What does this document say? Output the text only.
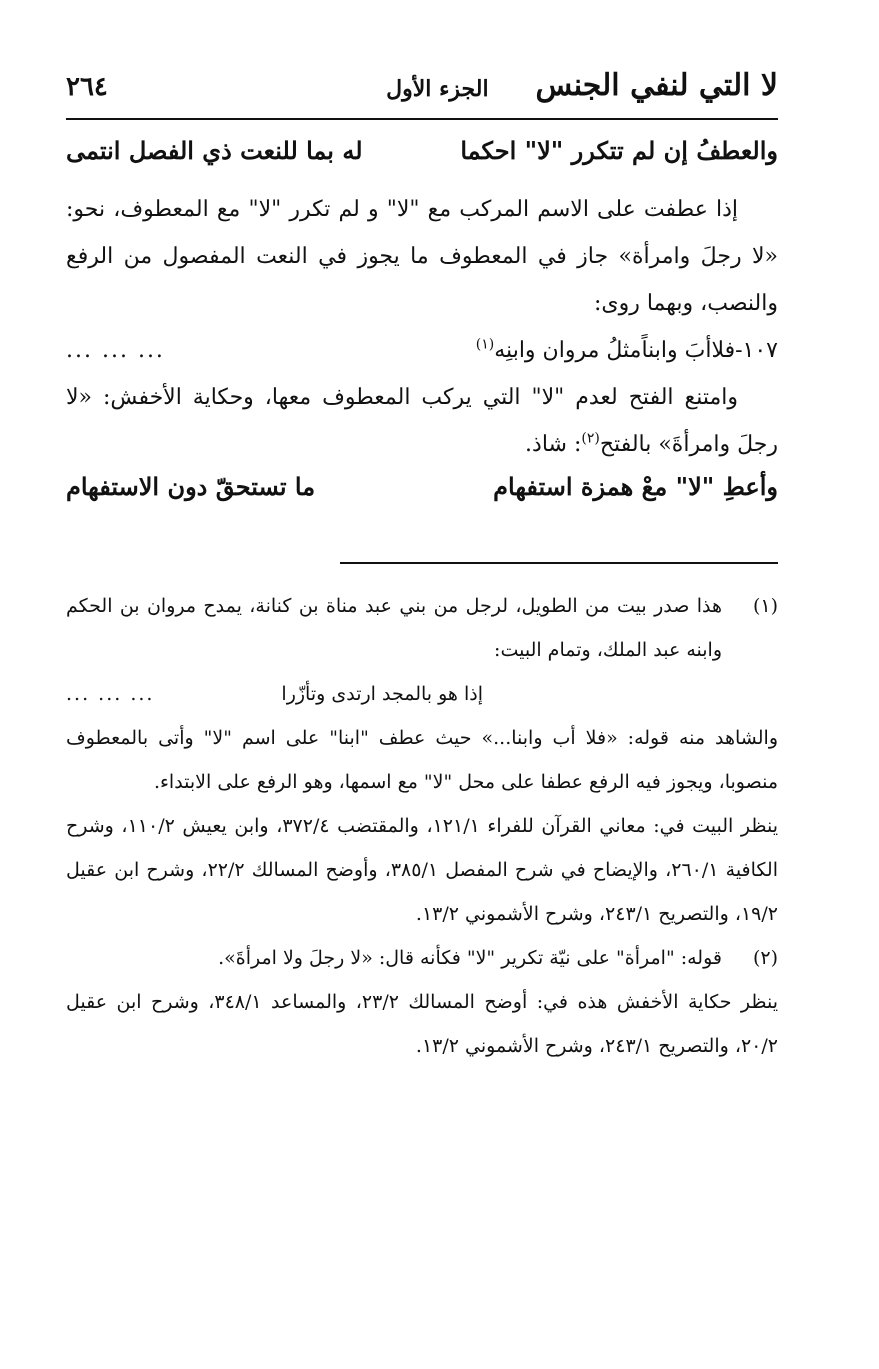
لا التي لنفي الجنس
الجزء الأول
٢٦٤
والعطفُ إن لم تتكرر "لا" احكما
له بما للنعت ذي الفصل انتمى

إذا عطفت على الاسم المركب مع "لا" و لم تكرر "لا" مع المعطوف، نحو: «لا رجلَ وامرأة» جاز في المعطوف ما يجوز في النعت المفصول من الرفع والنصب، وبهما روى:

١٠٧-فلاأبَ وابناًمثلُ مروان وابنِه$^{(١)}$
... ... ...

وامتنع الفتح لعدم "لا" التي يركب المعطوف معها، وحكاية الأخفش: «لا رجلَ وامرأةَ» بالفتح$^{(٢)}$: شاذ.

وأعطِ "لا" معْ همزة استفهام
ما تستحقّ دون الاستفهام
(١)

هذا صدر بيت من الطويل، لرجل من بني عبد مناة بن كنانة، يمدح مروان بن الحكم وابنه عبد الملك، وتمام البيت:

إذا هو بالمجد ارتدى وتأزّرا
... ... ...

والشاهد منه قوله: «فلا أب وابنا...» حيث عطف "ابنا" على اسم "لا" وأتى بالمعطوف منصوبا، ويجوز فيه الرفع عطفا على محل "لا" مع اسمها، وهو الرفع على الابتداء.

ينظر البيت في: معاني القرآن للفراء ١٢١/١، والمقتضب ٣٧٢/٤، وابن يعيش ١١٠/٢، وشرح الكافية ٢٦٠/١، والإيضاح في شرح المفصل ٣٨٥/١، وأوضح المسالك ٢٢/٢، وشرح ابن عقيل ١٩/٢، والتصريح ٢٤٣/١، وشرح الأشموني ١٣/٢.

(٢)

قوله: "امرأة" على نيّة تكرير "لا" فكأنه قال: «لا رجلَ ولا امرأةَ».

ينظر حكاية الأخفش هذه في: أوضح المسالك ٢٣/٢، والمساعد ٣٤٨/١، وشرح ابن عقيل ٢٠/٢، والتصريح ٢٤٣/١، وشرح الأشموني ١٣/٢.
